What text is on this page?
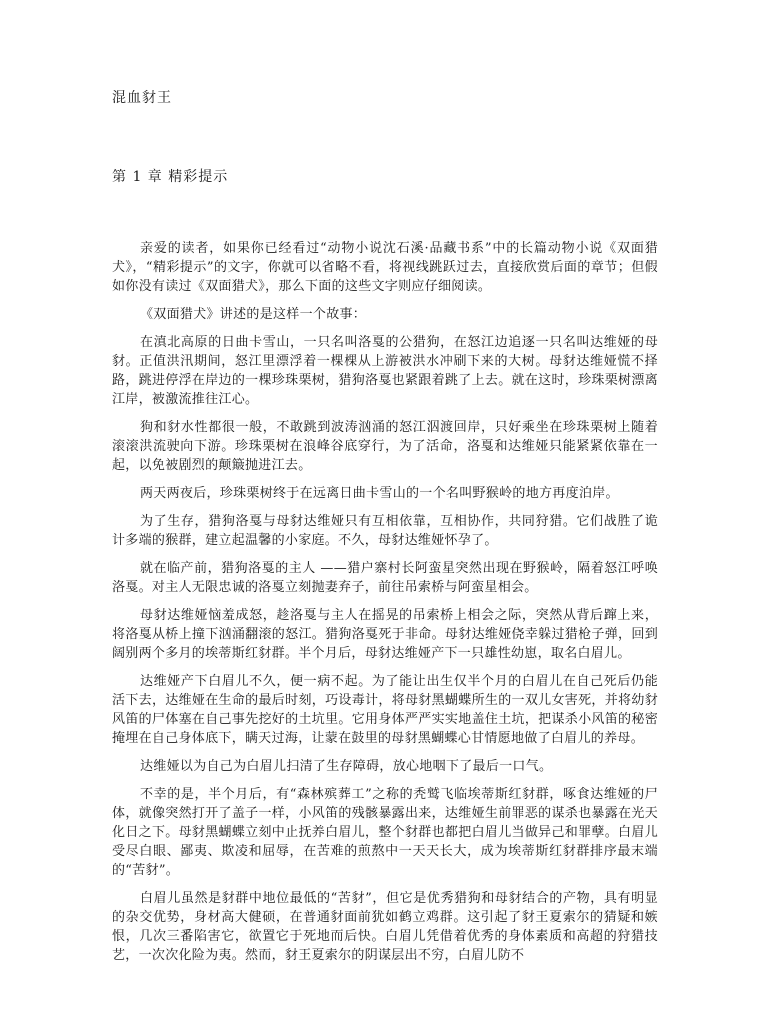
混血豺王
第 1 章 精彩提示

亲爱的读者，如果你已经看过“动物小说沈石溪·品藏书系”中的长篇动物小说《双面猎犬》，“精彩提示”的文字，你就可以省略不看，将视线跳跃过去，直接欣赏后面的章节；但假如你没有读过《双面猎犬》，那么下面的这些文字则应仔细阅读。

《双面猎犬》讲述的是这样一个故事：

在滇北高原的日曲卡雪山，一只名叫洛戛的公猎狗，在怒江边追逐一只名叫达维娅的母豺。正值洪汛期间，怒江里漂浮着一棵棵从上游被洪水冲刷下来的大树。母豺达维娅慌不择路，跳进停浮在岸边的一棵珍珠栗树，猎狗洛戛也紧跟着跳了上去。就在这时，珍珠栗树漂离江岸，被激流推往江心。

狗和豺水性都很一般，不敢跳到波涛汹涌的怒江泅渡回岸，只好乘坐在珍珠栗树上随着滚滚洪流驶向下游。珍珠栗树在浪峰谷底穿行，为了活命，洛戛和达维娅只能紧紧依靠在一起，以免被剧烈的颠簸抛进江去。

两天两夜后，珍珠栗树终于在远离日曲卡雪山的一个名叫野猴岭的地方再度泊岸。

为了生存，猎狗洛戛与母豺达维娅只有互相依靠，互相协作，共同狩猎。它们战胜了诡计多端的猴群，建立起温馨的小家庭。不久，母豺达维娅怀孕了。

就在临产前，猎狗洛戛的主人 ——猎户寨村长阿蛮星突然出现在野猴岭，隔着怒江呼唤洛戛。对主人无限忠诚的洛戛立刻抛妻弃子，前往吊索桥与阿蛮星相会。

母豺达维娅恼羞成怒，趁洛戛与主人在摇晃的吊索桥上相会之际，突然从背后蹿上来，将洛戛从桥上撞下汹涌翻滚的怒江。猎狗洛戛死于非命。母豺达维娅侥幸躲过猎枪子弹，回到阔别两个多月的埃蒂斯红豺群。半个月后，母豺达维娅产下一只雄性幼崽，取名白眉儿。

达维娅产下白眉儿不久，便一病不起。为了能让出生仅半个月的白眉儿在自己死后仍能活下去，达维娅在生命的最后时刻，巧设毒计，将母豺黑蝴蝶所生的一双儿女害死，并将幼豺风笛的尸体塞在自己事先挖好的土坑里。它用身体严严实实地盖住土坑，把谋杀小风笛的秘密掩埋在自己身体底下，瞒天过海，让蒙在鼓里的母豺黑蝴蝶心甘情愿地做了白眉儿的养母。

达维娅以为自己为白眉儿扫清了生存障碍，放心地咽下了最后一口气。

不幸的是，半个月后，有“森林殡葬工”之称的秃鹫飞临埃蒂斯红豺群，啄食达维娅的尸体，就像突然打开了盖子一样，小风笛的残骸暴露出来，达维娅生前罪恶的谋杀也暴露在光天化日之下。母豺黑蝴蝶立刻中止抚养白眉儿，整个豺群也都把白眉儿当做异己和罪孽。白眉儿受尽白眼、鄙夷、欺凌和屈辱，在苦难的煎熬中一天天长大，成为埃蒂斯红豺群排序最末端的“苦豺”。

白眉儿虽然是豺群中地位最低的“苦豺”，但它是优秀猎狗和母豺结合的产物，具有明显的杂交优势，身材高大健硕，在普通豺面前犹如鹤立鸡群。这引起了豺王夏索尔的猜疑和嫉恨，几次三番陷害它，欲置它于死地而后快。白眉儿凭借着优秀的身体素质和高超的狩猎技艺，一次次化险为夷。然而，豺王夏索尔的阴谋层出不穷，白眉儿防不
